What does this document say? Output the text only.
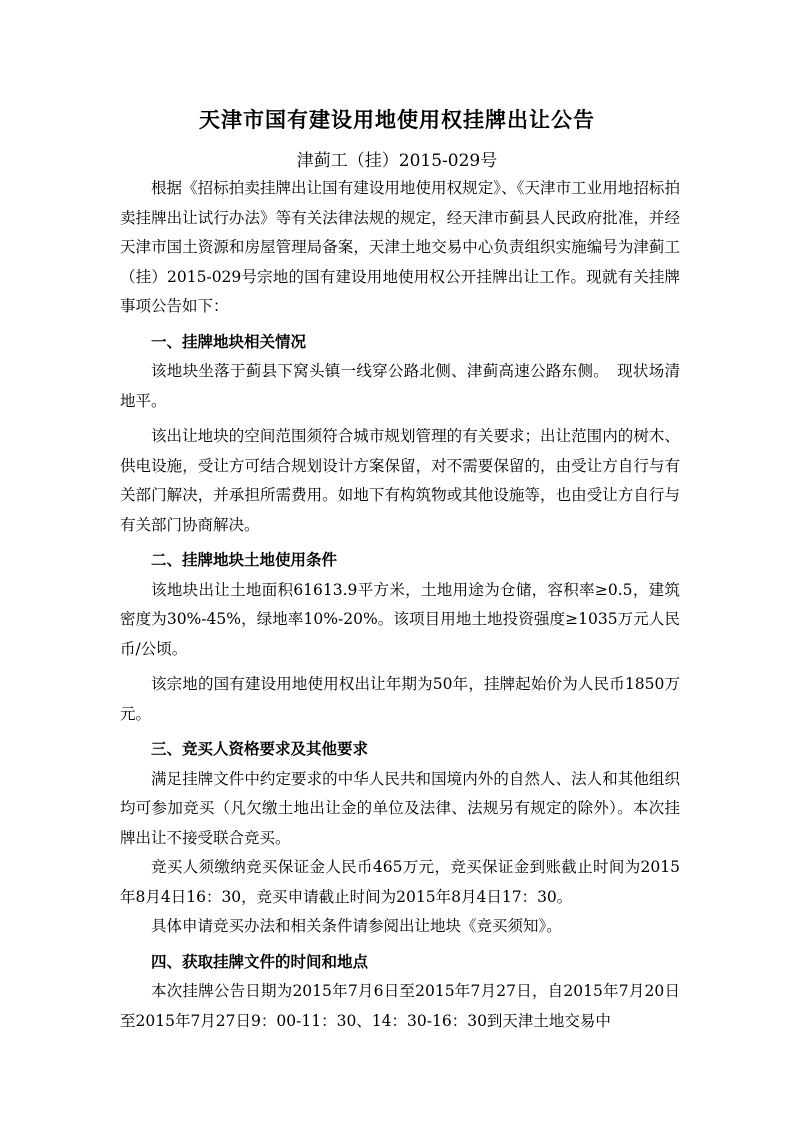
天津市国有建设用地使用权挂牌出让公告
津蓟工（挂）2015-029号

根据《招标拍卖挂牌出让国有建设用地使用权规定》、《天津市工业用地招标拍卖挂牌出让试行办法》等有关法律法规的规定，经天津市蓟县人民政府批准，并经天津市国土资源和房屋管理局备案，天津土地交易中心负责组织实施编号为津蓟工（挂）2015-029号宗地的国有建设用地使用权公开挂牌出让工作。现就有关挂牌事项公告如下：

一、挂牌地块相关情况

该地块坐落于蓟县下窝头镇一线穿公路北侧、津蓟高速公路东侧。　现状场清地平。

该出让地块的空间范围须符合城市规划管理的有关要求；出让范围内的树木、供电设施，受让方可结合规划设计方案保留，对不需要保留的，由受让方自行与有关部门解决，并承担所需费用。如地下有构筑物或其他设施等，也由受让方自行与有关部门协商解决。

二、挂牌地块土地使用条件

该地块出让土地面积61613.9平方米，土地用途为仓储，容积率≥0.5，建筑密度为30%-45%，绿地率10%-20%。该项目用地土地投资强度≥1035万元人民币/公顷。

该宗地的国有建设用地使用权出让年期为50年，挂牌起始价为人民币1850万元。

三、竞买人资格要求及其他要求

满足挂牌文件中约定要求的中华人民共和国境内外的自然人、法人和其他组织均可参加竞买（凡欠缴土地出让金的单位及法律、法规另有规定的除外）。本次挂牌出让不接受联合竞买。

竞买人须缴纳竞买保证金人民币465万元，竞买保证金到账截止时间为2015年8月4日16：30，竞买申请截止时间为2015年8月4日17：30。

具体申请竞买办法和相关条件请参阅出让地块《竞买须知》。

四、获取挂牌文件的时间和地点

本次挂牌公告日期为2015年7月6日至2015年7月27日，自2015年7月20日至2015年7月27日9：00-11：30、14：30-16：30到天津土地交易中
